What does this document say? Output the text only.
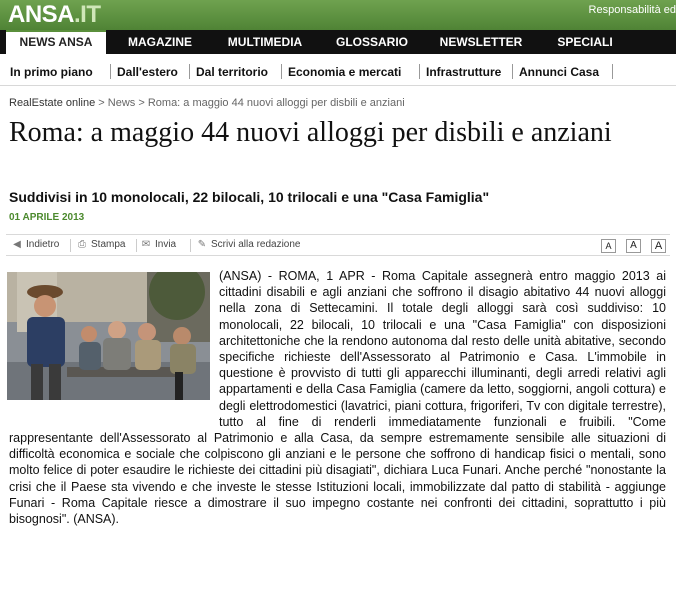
ANSA.IT	Responsabilità ed
NEWS ANSA	MAGAZINE	MULTIMEDIA	GLOSSARIO	NEWSLETTER	SPECIALI
In primo piano Dall'estero Dal territorio Economia e mercati Infrastrutture Annunci Casa
RealEstate online > News > Roma: a maggio 44 nuovi alloggi per disbili e anziani
Roma: a maggio 44 nuovi alloggi per disbili e anziani
Suddivisi in 10 monolocali, 22 bilocali, 10 trilocali e una "Casa Famiglia"
01 APRILE 2013
◀ Indietro ⎙ Stampa ✉ Invia ✎ Scrivi alla redazione	A	A	A
(ANSA) - ROMA, 1 APR - Roma Capitale assegnerà entro maggio 2013 ai cittadini disabili e agli anziani che soffrono il disagio abitativo 44 nuovi alloggi nella zona di Settecamini. Il totale degli alloggi sarà così suddiviso: 10 monolocali, 22 bilocali, 10 trilocali e una "Casa Famiglia" con disposizioni architettoniche che la rendono autonoma dal resto delle unità abitative, secondo specifiche richieste dell'Assessorato al Patrimonio e Casa. L'immobile in questione è provvisto di tutti gli apparecchi illuminanti, degli arredi relativi agli appartamenti e della Casa Famiglia (camere da letto, soggiorni, angoli cottura) e degli elettrodomestici (lavatrici, piani cottura, frigoriferi, Tv con digitale terrestre), tutto al fine di renderli immediatamente funzionali e fruibili. "Come rappresentante dell'Assessorato al Patrimonio e alla Casa, da sempre estremamente sensibile alle situazioni di difficoltà economica e sociale che colpiscono gli anziani e le persone che soffrono di handicap fisici o mentali, sono molto felice di poter esaudire le richieste dei cittadini più disagiati", dichiara Luca Funari. Anche perché "nonostante la crisi che il Paese sta vivendo e che investe le stesse Istituzioni locali, immobilizzate dal patto di stabilità - aggiunge Funari - Roma Capitale riesce a dimostrare il suo impegno costante nei confronti dei cittadini, soprattutto i più bisognosi". (ANSA).
